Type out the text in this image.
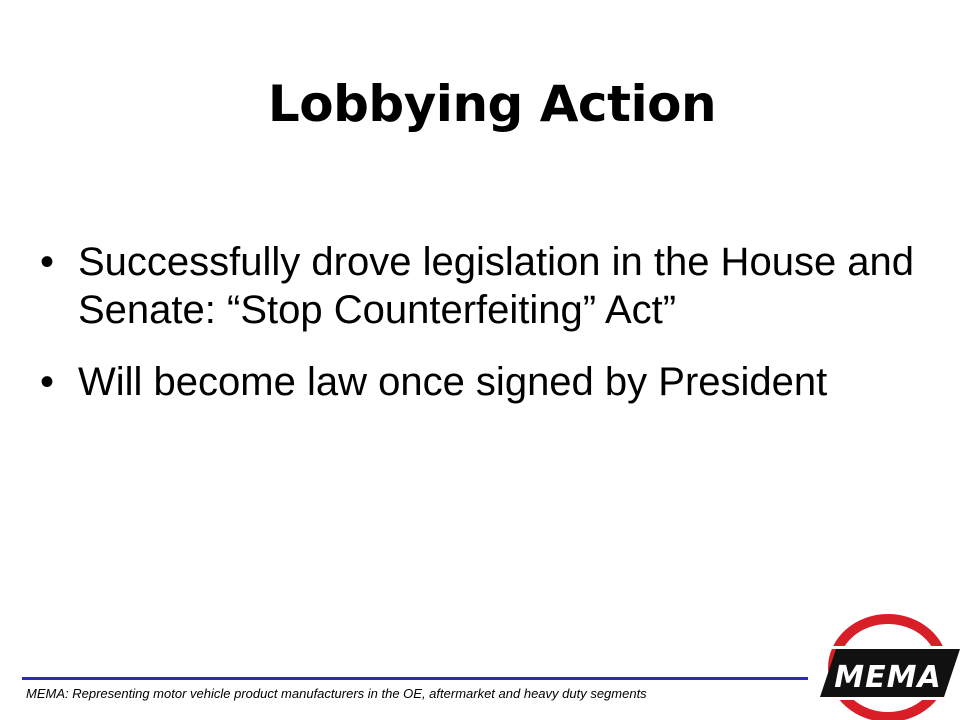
Lobbying Action
• Successfully drove legislation in the House and Senate: “Stop Counterfeiting” Act”
• Will become law once signed by President
MEMA: Representing motor vehicle product manufacturers in the OE, aftermarket and heavy duty segments	MEMA
